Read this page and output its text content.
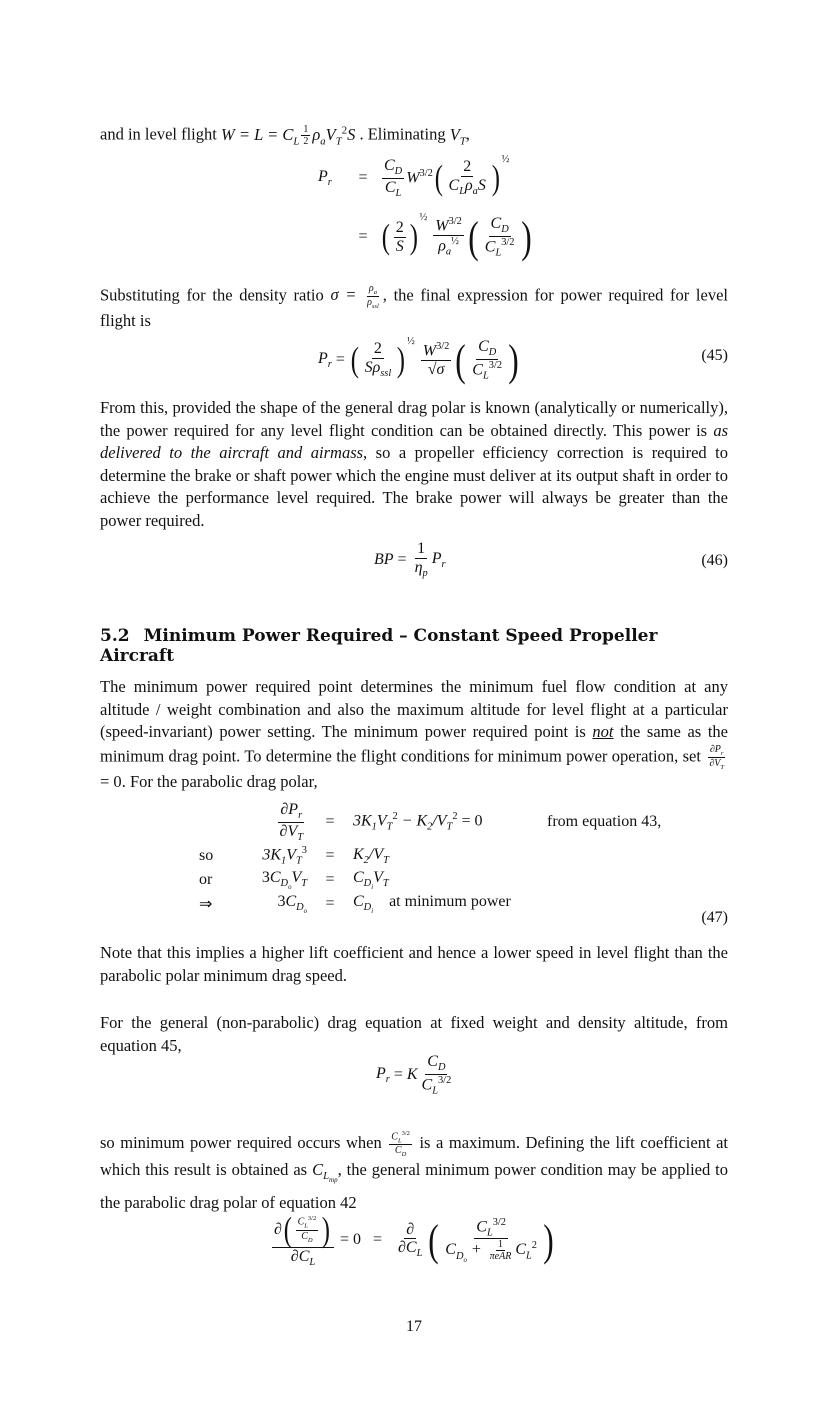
and in level flight $W = L = C_L \frac{1}{2} \rho_aV_T^2S$ . Eliminating $V_T$,
$P_r$	= $\frac{C_D}{C_L} W^{3/2}$ ( $\frac{2}{C_L\rho_aS} )^{\frac{1}{2}}$
= ( $\frac{2}{S} )^{\frac{1}{2}} \frac{W^{3/2}}{\rho_a^{\frac{1}{2}}}$ ( $\frac{C_D}{C_L^{3/2}}$ )
Substituting for the density ratio $\sigma = \frac{\rho_a}{\rho_{ssl}}$ , the final expression for power required for level flight is
$P_r$ = ( $\frac{2}{S\rho_{ssl}} )^{\frac{1}{2}} \frac{W^{3/2}}{√\sigma}$ ( $\frac{C_D}{C_L^{3/2}}$ )	(45)
From this, provided the shape of the general drag polar is known (analytically or numerically), the power required for any level flight condition can be obtained directly. This power is as delivered to the aircraft and airmass, so a propeller efficiency correction is required to determine the brake or shaft power which the engine must deliver at its output shaft in order to achieve the performance level required. The brake power will always be greater than the power required.
BP = $\frac{1}{\eta_p} P_r$	(46)
5.2 Minimum Power Required – Constant Speed Propeller Aircraft
The minimum power required point determines the minimum fuel flow condition at any altitude / weight combination and also the maximum altitude for level flight at a particular (speed-invariant) power setting. The minimum power required point is not the same as the minimum drag point. To determine the flight conditions for minimum power operation, set $\frac{\partial P_r}{\partial V_T}$
= 0. For the parabolic drag polar,

	$\frac{\partial P_r}{\partial V_T}$	=	$3K_1V_T^2 - K_2/V_T^2 = 0$	from equation 43,
so	$3K_1V_T^3$	=	$K_2/V_T$	
or	$3C_{D_o}V_T$	=	$C_{D_i}V_T$	
⇒	$3C_{D_o}$	=	$C_{D_i}$    at minimum power	
(47)
Note that this implies a higher lift coefficient and hence a lower speed in level flight than the parabolic polar minimum drag speed.
For the general (non-parabolic) drag equation at fixed weight and density altitude, from equation 45,
$P_r = K \frac{C_D}{C_L^{3/2}}$
so minimum power required occurs when $\frac{C_L^{3/2}}{C_D}$ is a maximum. Defining the lift coefficient at which this result is obtained as $C_{L_{mp}}$, the general minimum power condition may be applied to the parabolic drag polar of equation 42
$\frac{\partial ( \frac{C_L^{3/2}}{C_D} )}{\partial C_L}$
= $0 = \frac{\partial}{\partial C_L}$ ( $\frac{C_L^{3/2}}{C_{D_o} + \frac{1}{\text{πeAR}} C_L^2}$ )
17
